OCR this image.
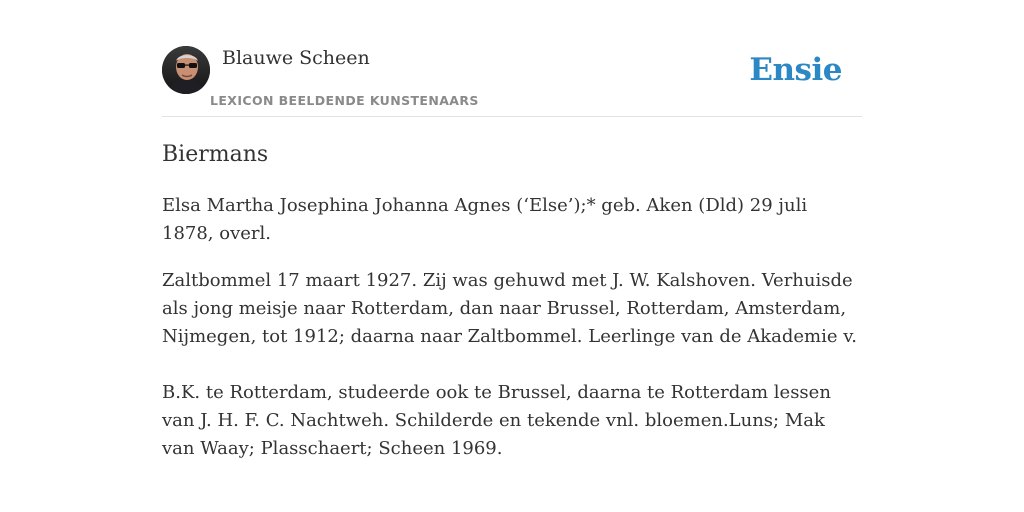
Blauwe Scheen
LEXICON BEELDENDE KUNSTENAARS
Ensie
Biermans

Elsa Martha Josephina Johanna Agnes (‘Else’);* geb. Aken (Dld) 29 juli 1878, overl.

Zaltbommel 17 maart 1927. Zij was gehuwd met J. W. Kalshoven. Verhuisde als jong meisje naar Rotterdam, dan naar Brussel, Rotterdam, Amsterdam, Nijmegen, tot 1912; daarna naar Zaltbommel. Leerlinge van de Akademie v.

B.K. te Rotterdam, studeerde ook te Brussel, daarna te Rotterdam lessen van J. H. F. C. Nachtweh. Schilderde en tekende vnl. bloemen.Luns; Mak van Waay; Plasschaert; Scheen 1969.
